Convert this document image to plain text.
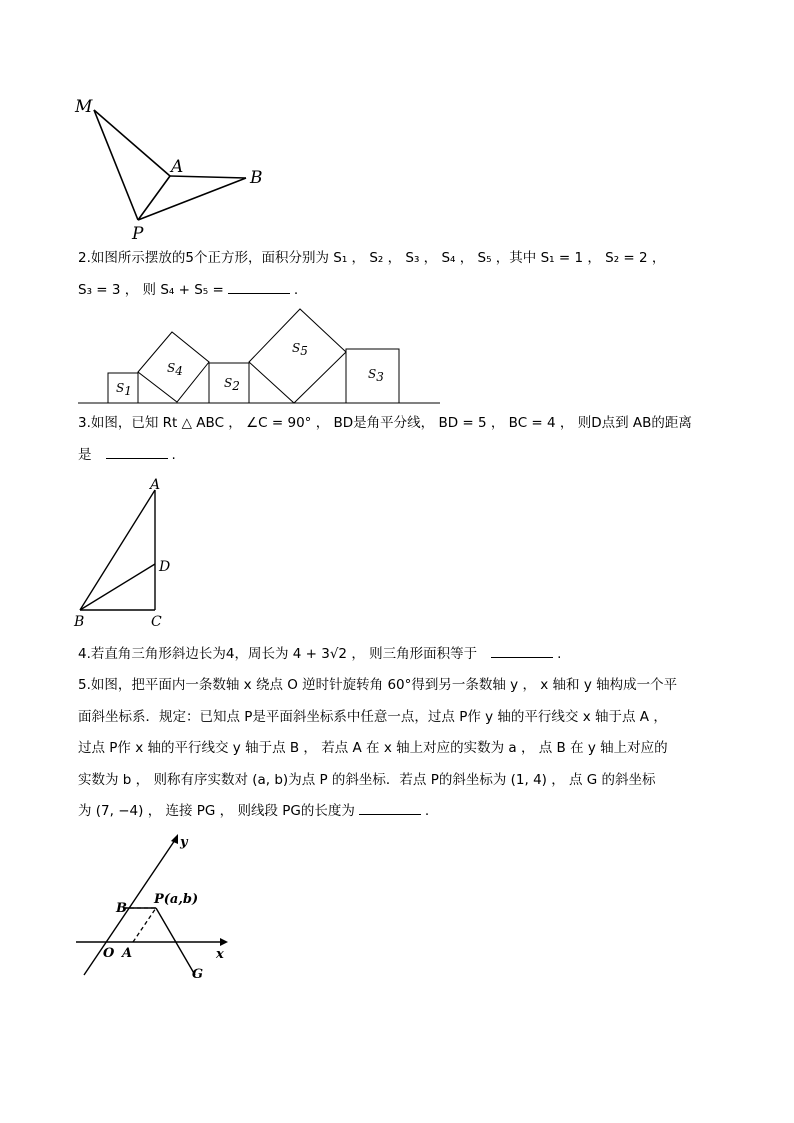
M
A
B
P
2.如图所示摆放的5个正方形，面积分别为 S₁ ， S₂ ， S₃ ， S₄ ， S₅ ，其中 S₁ = 1 ， S₂ = 2 ，
S₃ = 3 ， 则 S₄ + S₅ =	.
S1
S4
S2
S5
S3
3.如图，已知 Rt △ ABC ， ∠C = 90° ， BD是角平分线， BD = 5 ， BC = 4 ， 则D点到 AB的距离
是	.
A
D
B	C
4.若直角三角形斜边长为4，周长为 4 + 3√2 ， 则三角形面积等于	.
5.如图，把平面内一条数轴 x 绕点 O 逆时针旋转角 60°得到另一条数轴 y ， x 轴和 y 轴构成一个平
面斜坐标系．规定：已知点 P是平面斜坐标系中任意一点，过点 P作 y 轴的平行线交 x 轴于点 A ，
过点 P作 x 轴的平行线交 y 轴于点 B ， 若点 A 在 x 轴上对应的实数为 a ， 点 B 在 y 轴上对应的
实数为 b ， 则称有序实数对 (a, b)为点 P 的斜坐标．若点 P的斜坐标为 (1, 4) ， 点 G 的斜坐标
为 (7, −4) ， 连接 PG ， 则线段 PG的长度为	.
y
x
O A
B
P(a,b)
G
